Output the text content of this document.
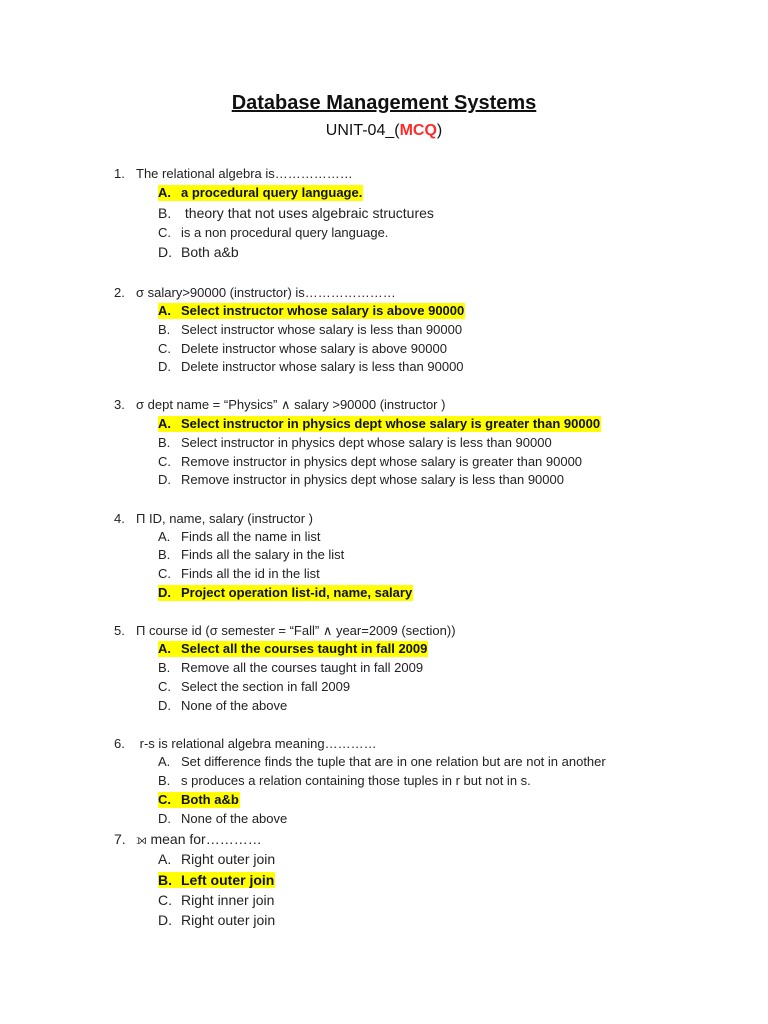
Database Management Systems
UNIT-04_(MCQ)
1. The relational algebra is………………
A. a procedural query language.
B. theory that not uses algebraic structures
C. is a non procedural query language.
D. Both a&b
2. σ salary>90000 (instructor) is…………………
A. Select instructor whose salary is above 90000
B. Select instructor whose salary is less than 90000
C. Delete instructor whose salary is above 90000
D. Delete instructor whose salary is less than 90000
3. σ dept name = “Physics” ∧ salary >90000 (instructor )
A. Select instructor in physics dept whose salary is greater than 90000
B. Select instructor in physics dept whose salary is less than 90000
C. Remove instructor in physics dept whose salary is greater than 90000
D. Remove instructor in physics dept whose salary is less than 90000
4. Π ID, name, salary (instructor )
A. Finds all the name in list
B. Finds all the salary in the list
C. Finds all the id in the list
D. Project operation list-id, name, salary
5. Π course id (σ semester = “Fall” ∧ year=2009 (section))
A. Select all the courses taught in fall 2009
B. Remove all the courses taught in fall 2009
C. Select the section in fall 2009
D. None of the above
6. r-s is relational algebra meaning…………
A. Set difference finds the tuple that are in one relation but are not in another
B. s produces a relation containing those tuples in r but not in s.
C. Both a&b
D. None of the above
7. ⟕ mean for…………
A. Right outer join
B. Left outer join
C. Right inner join
D. Right outer join
